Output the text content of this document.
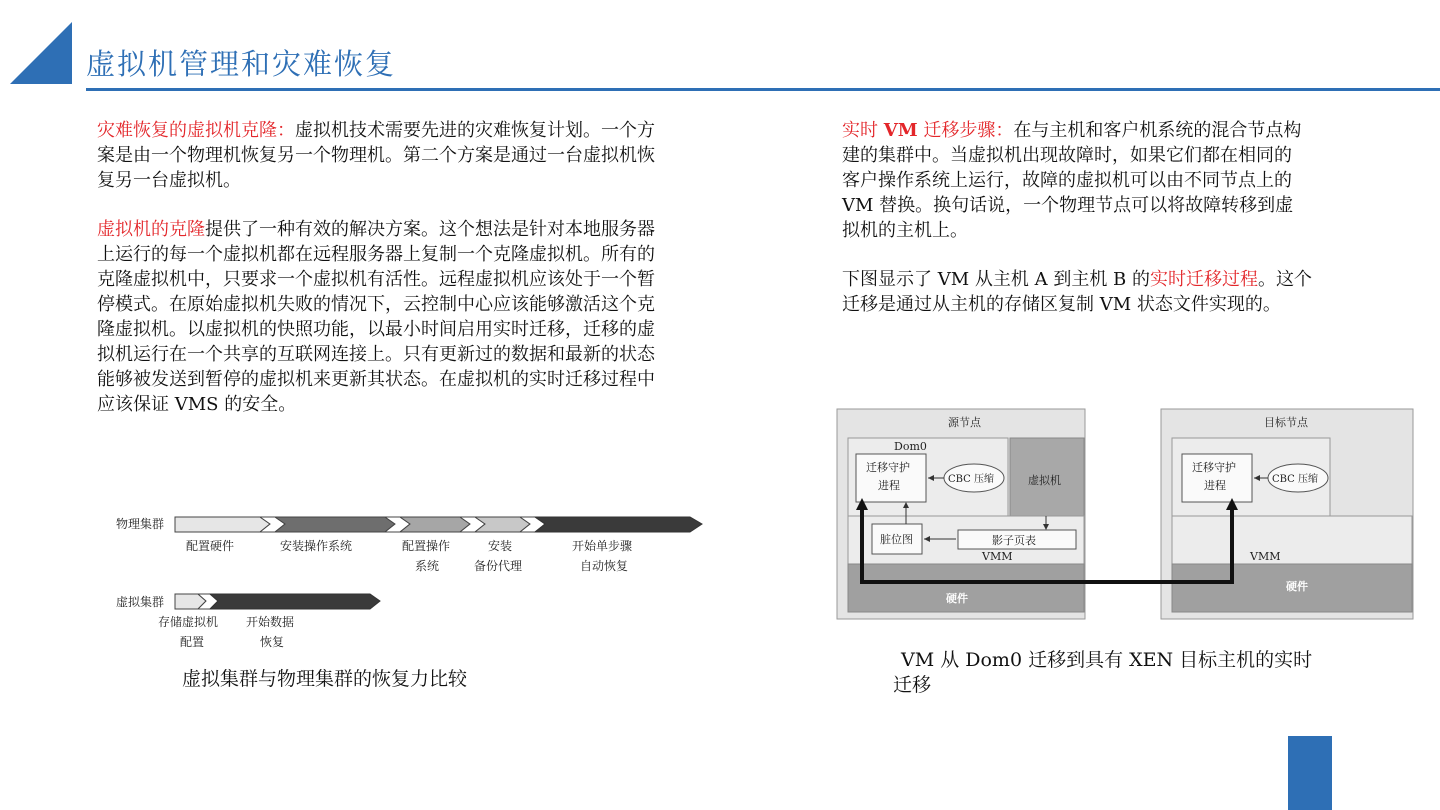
虚拟机管理和灾难恢复
灾难恢复的虚拟机克隆：虚拟机技术需要先进的灾难恢复计划。一个方
案是由一个物理机恢复另一个物理机。第二个方案是通过一台虚拟机恢
复另一台虚拟机。
虚拟机的克隆提供了一种有效的解决方案。这个想法是针对本地服务器
上运行的每一个虚拟机都在远程服务器上复制一个克隆虚拟机。所有的
克隆虚拟机中，只要求一个虚拟机有活性。远程虚拟机应该处于一个暂
停模式。在原始虚拟机失败的情况下，云控制中心应该能够激活这个克
隆虚拟机。以虚拟机的快照功能，以最小时间启用实时迁移，迁移的虚
拟机运行在一个共享的互联网连接上。只有更新过的数据和最新的状态
能够被发送到暂停的虚拟机来更新其状态。在虚拟机的实时迁移过程中
应该保证 VMS 的安全。
实时 VM 迁移步骤：在与主机和客户机系统的混合节点构
建的集群中。当虚拟机出现故障时，如果它们都在相同的
客户操作系统上运行，故障的虚拟机可以由不同节点上的
VM 替换。换句话说，一个物理节点可以将故障转移到虚
拟机的主机上。
下图显示了 VM 从主机 A 到主机 B 的实时迁移过程。这个
迁移是通过从主机的存储区复制 VM 状态文件实现的。
物理集群
配置硬件	安装操作系统	配置操作
系统
安装
备份代理
开始单步骤
自动恢复
虚拟集群
存储虚拟机
配置
开始数据
恢复
虚拟集群与物理集群的恢复力比较
源节点
Dom0
迁移守护
进程	CBC 压缩	虚拟机
脏位图	影子页表
VMM
硬件
目标节点
迁移守护
进程	CBC 压缩
VMM
硬件
VM 从 Dom0 迁移到具有 XEN 目标主机的实时
迁移
